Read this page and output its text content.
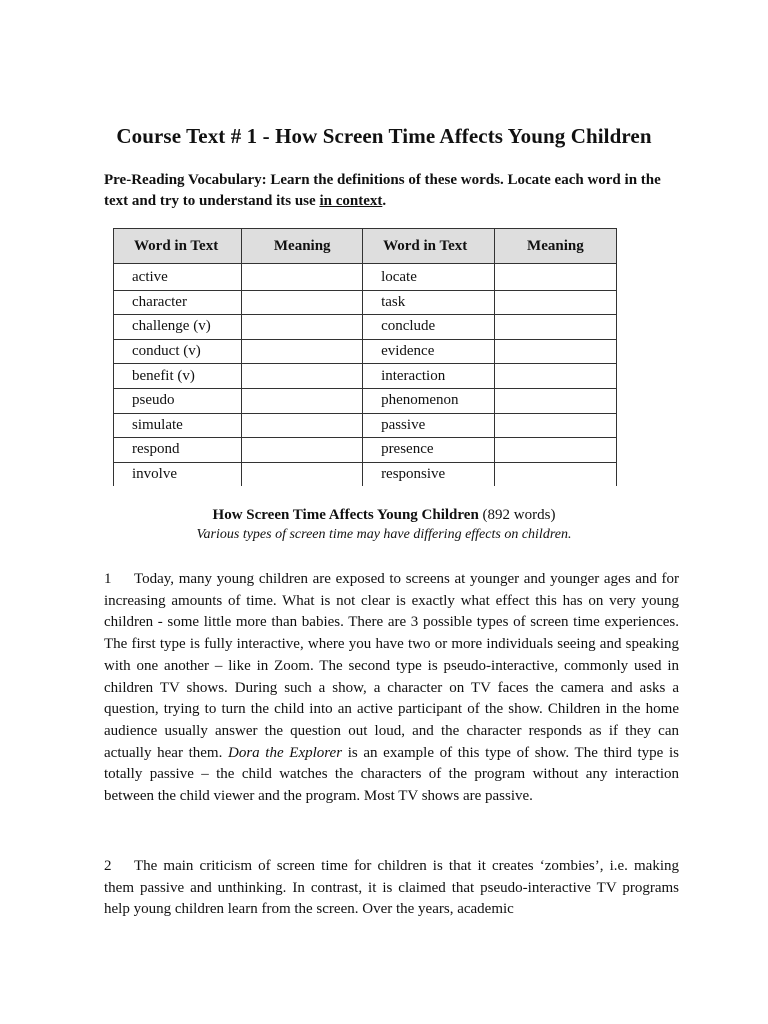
Course Text # 1 - How Screen Time Affects Young Children
Pre-Reading Vocabulary: Learn the definitions of these words. Locate each word in the text and try to understand its use in context.
Word in Text	Meaning	Word in Text	Meaning
active		locate	
character		task	
challenge (v)		conclude	
conduct (v)		evidence	
benefit (v)		interaction	
pseudo		phenomenon	
simulate		passive	
respond		presence	
involve		responsive	
How Screen Time Affects Young Children (892 words)
Various types of screen time may have differing effects on children.

1 Today, many young children are exposed to screens at younger and younger ages and for increasing amounts of time. What is not clear is exactly what effect this has on very young children - some little more than babies. There are 3 possible types of screen time experiences. The first type is fully interactive, where you have two or more individuals seeing and speaking with one another – like in Zoom. The second type is pseudo-interactive, commonly used in children TV shows. During such a show, a character on TV faces the camera and asks a question, trying to turn the child into an active participant of the show. Children in the home audience usually answer the question out loud, and the character responds as if they can actually hear them. Dora the Explorer is an example of this type of show. The third type is totally passive – the child watches the characters of the program without any interaction between the child viewer and the program. Most TV shows are passive.

2 The main criticism of screen time for children is that it creates ‘zombies’, i.e. making them passive and unthinking. In contrast, it is claimed that pseudo-interactive TV programs help young children learn from the screen. Over the years, academic
